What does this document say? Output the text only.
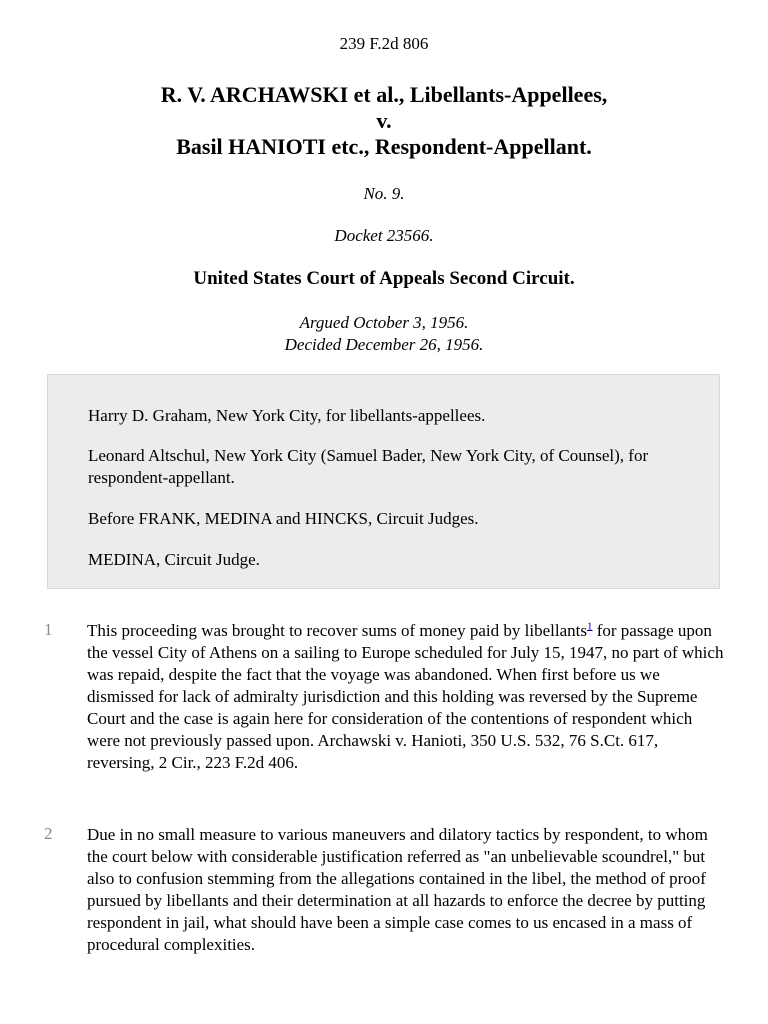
239 F.2d 806
R. V. ARCHAWSKI et al., Libellants-Appellees,
v.
Basil HANIOTI etc., Respondent-Appellant.
No. 9.
Docket 23566.
United States Court of Appeals Second Circuit.
Argued October 3, 1956.
Decided December 26, 1956.

Harry D. Graham, New York City, for libellants-appellees.

Leonard Altschul, New York City (Samuel Bader, New York City, of Counsel), for respondent-appellant.

Before FRANK, MEDINA and HINCKS, Circuit Judges.

MEDINA, Circuit Judge.

1 This proceeding was brought to recover sums of money paid by libellants$^1$ for passage upon the vessel City of Athens on a sailing to Europe scheduled for July 15, 1947, no part of which was repaid, despite the fact that the voyage was abandoned. When first before us we dismissed for lack of admiralty jurisdiction and this holding was reversed by the Supreme Court and the case is again here for consideration of the contentions of respondent which were not previously passed upon. Archawski v. Hanioti, 350 U.S. 532, 76 S.Ct. 617, reversing, 2 Cir., 223 F.2d 406.

2 Due in no small measure to various maneuvers and dilatory tactics by respondent, to whom the court below with considerable justification referred as "an unbelievable scoundrel," but also to confusion stemming from the allegations contained in the libel, the method of proof pursued by libellants and their determination at all hazards to enforce the decree by putting respondent in jail, what should have been a simple case comes to us encased in a mass of procedural complexities.
